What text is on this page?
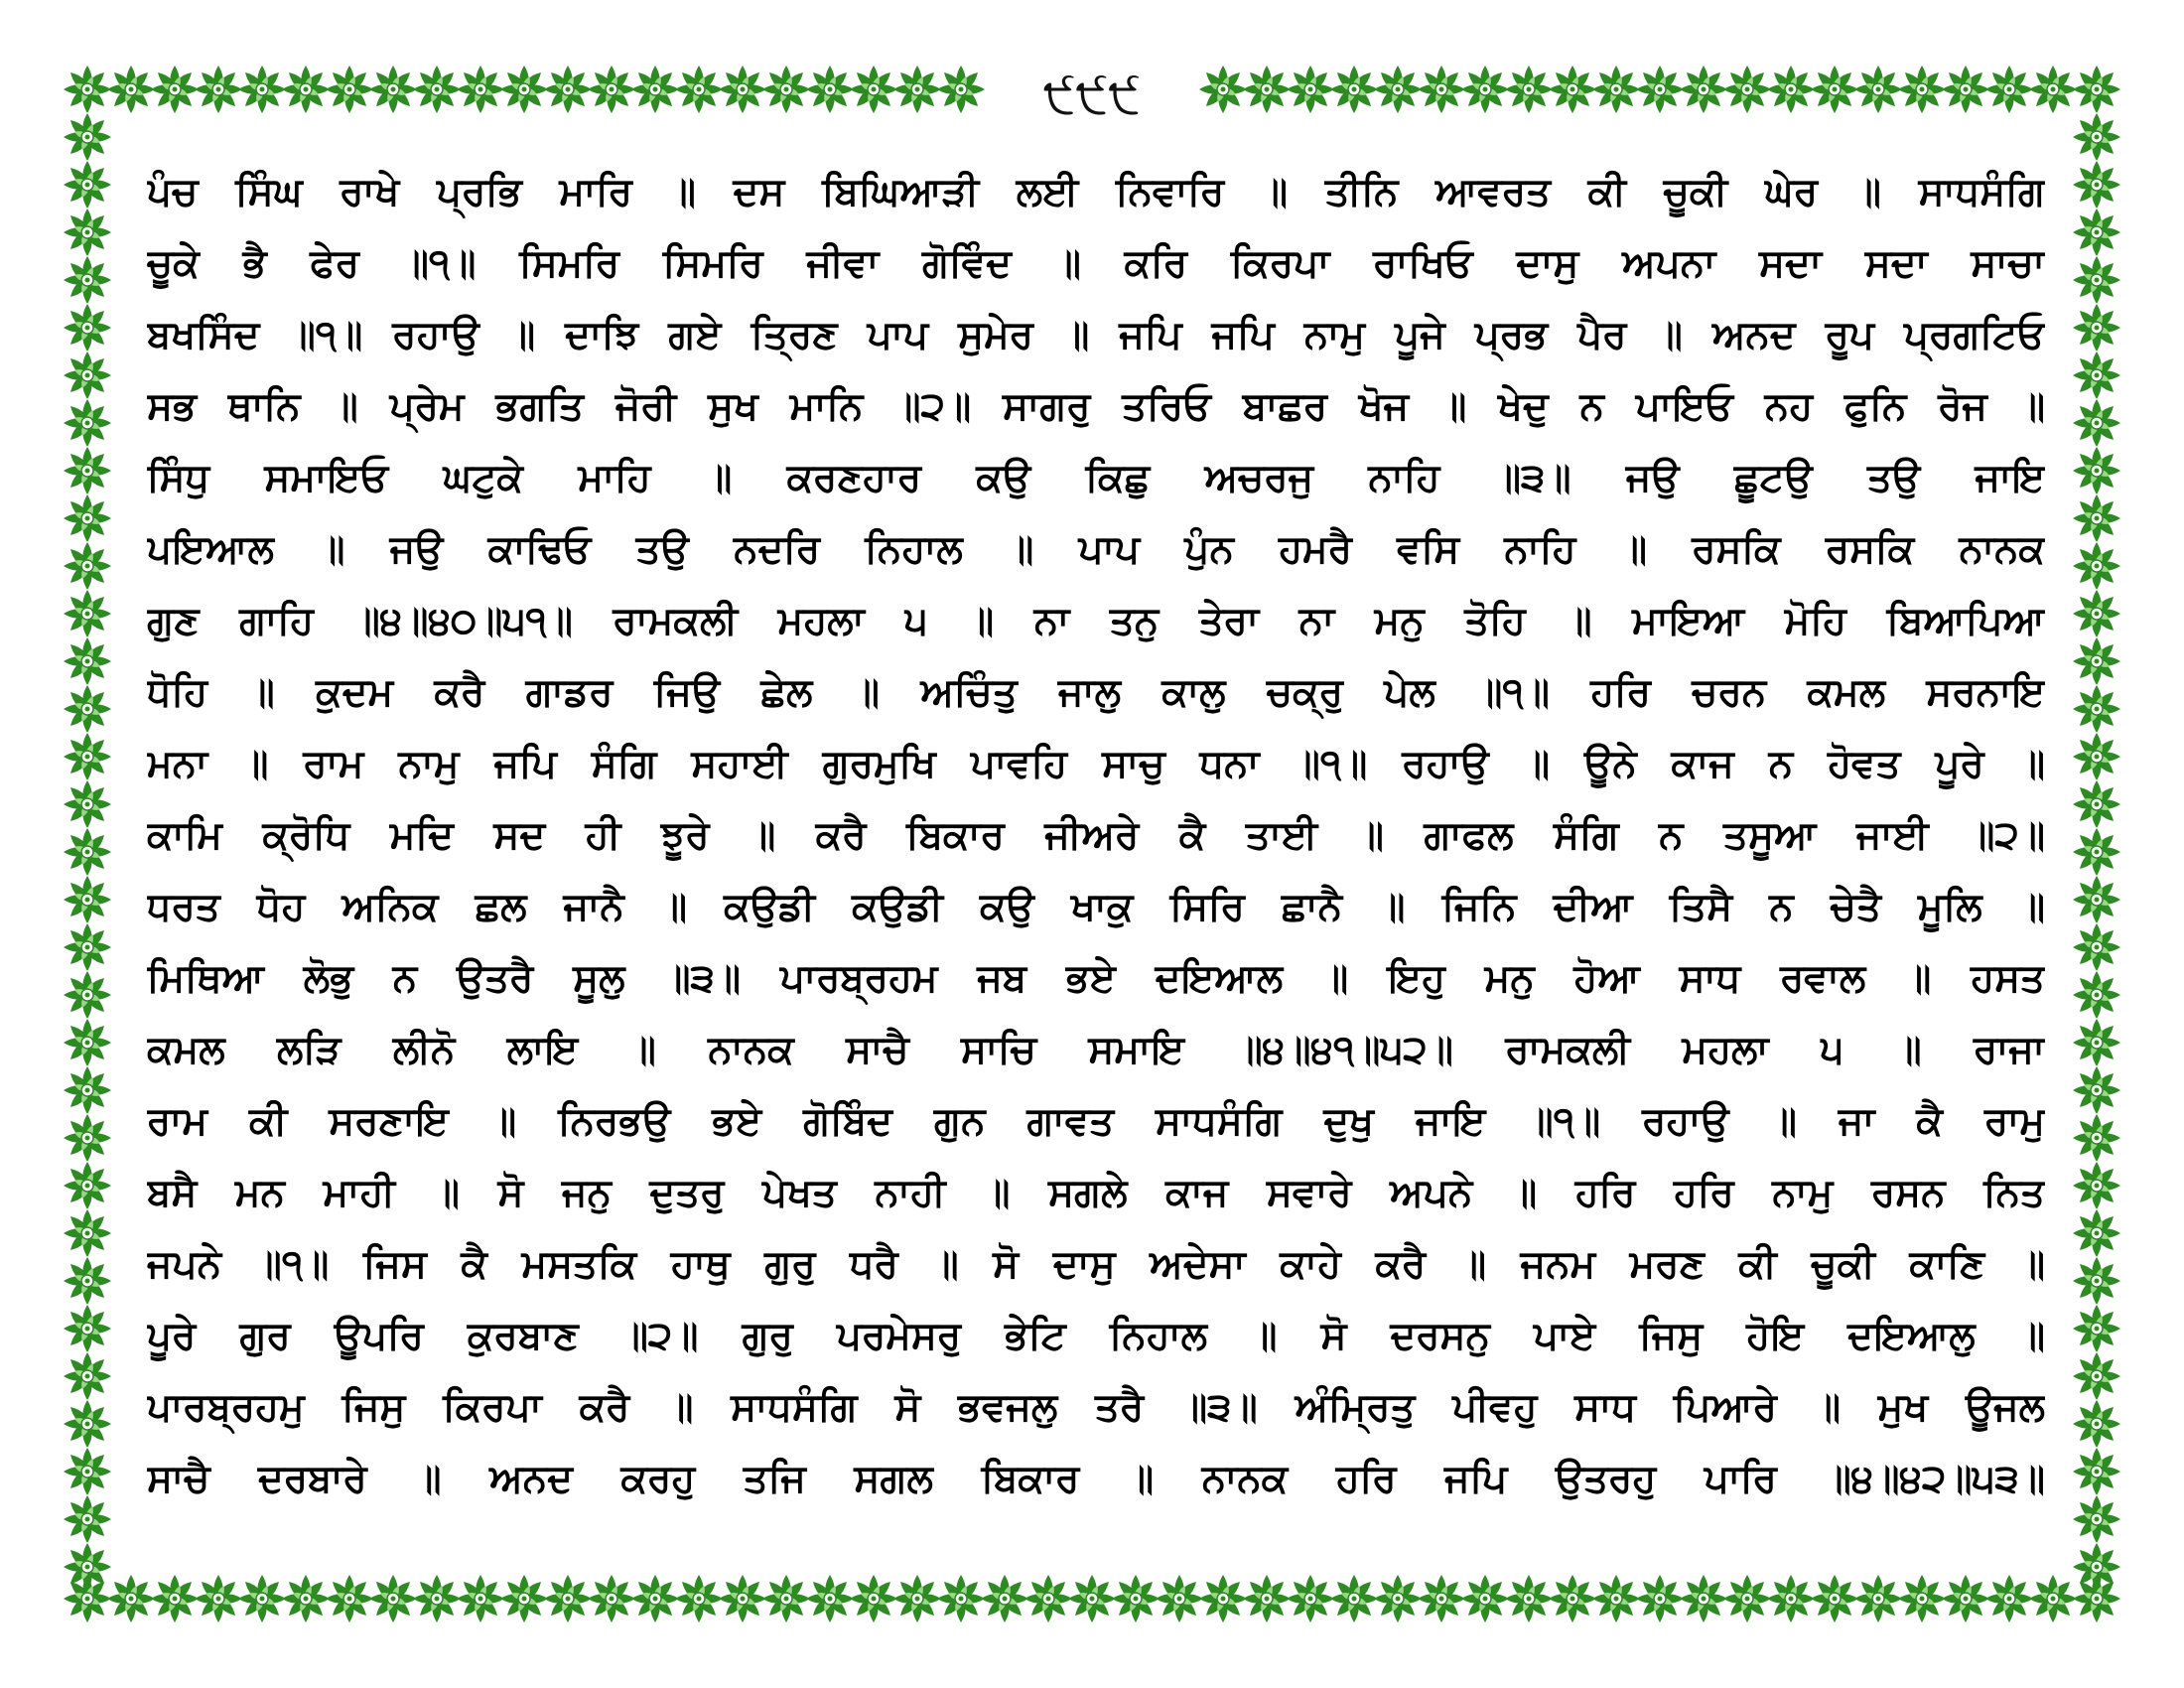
੯੯੯
ਪੰਚ ਸਿੰਘ ਰਾਖੇ ਪ੍ਰਭਿ ਮਾਰਿ ॥ ਦਸ ਬਿਘਿਆੜੀ ਲਈ ਨਿਵਾਰਿ ॥ ਤੀਨਿ ਆਵਰਤ ਕੀ ਚੂਕੀ ਘੇਰ ॥ ਸਾਧਸੰਗਿ
ਚੂਕੇ ਭੈ ਫੇਰ ॥੧॥ ਸਿਮਰਿ ਸਿਮਰਿ ਜੀਵਾ ਗੋਵਿੰਦ ॥ ਕਰਿ ਕਿਰਪਾ ਰਾਖਿਓ ਦਾਸੁ ਅਪਨਾ ਸਦਾ ਸਦਾ ਸਾਚਾ
ਬਖਸਿੰਦ ॥੧॥ ਰਹਾਉ ॥ ਦਾਝਿ ਗਏ ਤ੍ਰਿਣ ਪਾਪ ਸੁਮੇਰ ॥ ਜਪਿ ਜਪਿ ਨਾਮੁ ਪੂਜੇ ਪ੍ਰਭ ਪੈਰ ॥ ਅਨਦ ਰੂਪ ਪ੍ਰਗਟਿਓ
ਸਭ ਥਾਨਿ ॥ ਪ੍ਰੇਮ ਭਗਤਿ ਜੋਰੀ ਸੁਖ ਮਾਨਿ ॥੨॥ ਸਾਗਰੁ ਤਰਿਓ ਬਾਛਰ ਖੋਜ ॥ ਖੇਦੁ ਨ ਪਾਇਓ ਨਹ ਫੁਨਿ ਰੋਜ ॥
ਸਿੰਧੁ ਸਮਾਇਓ ਘਟੁਕੇ ਮਾਹਿ ॥ ਕਰਣਹਾਰ ਕਉ ਕਿਛੁ ਅਚਰਜੁ ਨਾਹਿ ॥੩॥ ਜਉ ਛੂਟਉ ਤਉ ਜਾਇ
ਪਇਆਲ ॥ ਜਉ ਕਾਢਿਓ ਤਉ ਨਦਰਿ ਨਿਹਾਲ ॥ ਪਾਪ ਪੁੰਨ ਹਮਰੈ ਵਸਿ ਨਾਹਿ ॥ ਰਸਕਿ ਰਸਕਿ ਨਾਨਕ
ਗੁਣ ਗਾਹਿ ॥੪॥੪੦॥੫੧॥ ਰਾਮਕਲੀ ਮਹਲਾ ੫ ॥ ਨਾ ਤਨੁ ਤੇਰਾ ਨਾ ਮਨੁ ਤੋਹਿ ॥ ਮਾਇਆ ਮੋਹਿ ਬਿਆਪਿਆ
ਧੋਹਿ ॥ ਕੁਦਮ ਕਰੈ ਗਾਡਰ ਜਿਉ ਛੇਲ ॥ ਅਚਿੰਤੁ ਜਾਲੁ ਕਾਲੁ ਚਕ੍ਰੁ ਪੇਲ ॥੧॥ ਹਰਿ ਚਰਨ ਕਮਲ ਸਰਨਾਇ
ਮਨਾ ॥ ਰਾਮ ਨਾਮੁ ਜਪਿ ਸੰਗਿ ਸਹਾਈ ਗੁਰਮੁਖਿ ਪਾਵਹਿ ਸਾਚੁ ਧਨਾ ॥੧॥ ਰਹਾਉ ॥ ਊਨੇ ਕਾਜ ਨ ਹੋਵਤ ਪੂਰੇ ॥
ਕਾਮਿ ਕ੍ਰੋਧਿ ਮਦਿ ਸਦ ਹੀ ਝੂਰੇ ॥ ਕਰੈ ਬਿਕਾਰ ਜੀਅਰੇ ਕੈ ਤਾਈ ॥ ਗਾਫਲ ਸੰਗਿ ਨ ਤਸੂਆ ਜਾਈ ॥੨॥
ਧਰਤ ਧੋਹ ਅਨਿਕ ਛਲ ਜਾਨੈ ॥ ਕਉਡੀ ਕਉਡੀ ਕਉ ਖਾਕੁ ਸਿਰਿ ਛਾਨੈ ॥ ਜਿਨਿ ਦੀਆ ਤਿਸੈ ਨ ਚੇਤੈ ਮੂਲਿ ॥
ਮਿਥਿਆ ਲੋਭੁ ਨ ਉਤਰੈ ਸੂਲੁ ॥੩॥ ਪਾਰਬ੍ਰਹਮ ਜਬ ਭਏ ਦਇਆਲ ॥ ਇਹੁ ਮਨੁ ਹੋਆ ਸਾਧ ਰਵਾਲ ॥ ਹਸਤ
ਕਮਲ ਲੜਿ ਲੀਨੋ ਲਾਇ ॥ ਨਾਨਕ ਸਾਚੈ ਸਾਚਿ ਸਮਾਇ ॥੪॥੪੧॥੫੨॥ ਰਾਮਕਲੀ ਮਹਲਾ ੫ ॥ ਰਾਜਾ
ਰਾਮ ਕੀ ਸਰਣਾਇ ॥ ਨਿਰਭਉ ਭਏ ਗੋਬਿੰਦ ਗੁਨ ਗਾਵਤ ਸਾਧਸੰਗਿ ਦੁਖੁ ਜਾਇ ॥੧॥ ਰਹਾਉ ॥ ਜਾ ਕੈ ਰਾਮੁ
ਬਸੈ ਮਨ ਮਾਹੀ ॥ ਸੋ ਜਨੁ ਦੁਤਰੁ ਪੇਖਤ ਨਾਹੀ ॥ ਸਗਲੇ ਕਾਜ ਸਵਾਰੇ ਅਪਨੇ ॥ ਹਰਿ ਹਰਿ ਨਾਮੁ ਰਸਨ ਨਿਤ
ਜਪਨੇ ॥੧॥ ਜਿਸ ਕੈ ਮਸਤਕਿ ਹਾਥੁ ਗੁਰੁ ਧਰੈ ॥ ਸੋ ਦਾਸੁ ਅਦੇਸਾ ਕਾਹੇ ਕਰੈ ॥ ਜਨਮ ਮਰਣ ਕੀ ਚੂਕੀ ਕਾਣਿ ॥
ਪੂਰੇ ਗੁਰ ਊਪਰਿ ਕੁਰਬਾਣ ॥੨॥ ਗੁਰੁ ਪਰਮੇਸਰੁ ਭੇਟਿ ਨਿਹਾਲ ॥ ਸੋ ਦਰਸਨੁ ਪਾਏ ਜਿਸੁ ਹੋਇ ਦਇਆਲੁ ॥
ਪਾਰਬ੍ਰਹਮੁ ਜਿਸੁ ਕਿਰਪਾ ਕਰੈ ॥ ਸਾਧਸੰਗਿ ਸੋ ਭਵਜਲੁ ਤਰੈ ॥੩॥ ਅੰਮ੍ਰਿਤੁ ਪੀਵਹੁ ਸਾਧ ਪਿਆਰੇ ॥ ਮੁਖ ਊਜਲ
ਸਾਚੈ ਦਰਬਾਰੇ ॥ ਅਨਦ ਕਰਹੁ ਤਜਿ ਸਗਲ ਬਿਕਾਰ ॥ ਨਾਨਕ ਹਰਿ ਜਪਿ ਉਤਰਹੁ ਪਾਰਿ ॥੪॥੪੨॥੫੩॥
